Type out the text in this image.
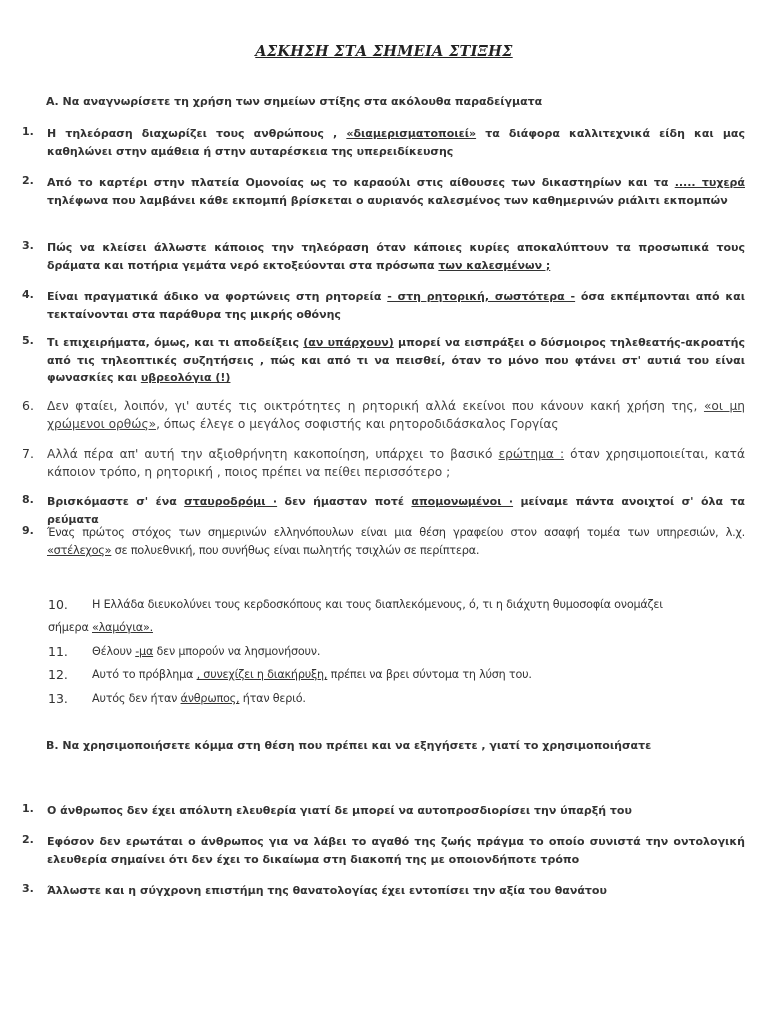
ΑΣΚΗΣΗ ΣΤΑ ΣΗΜΕΙΑ ΣΤΙΞΗΣ
Α. Να αναγνωρίσετε τη χρήση των σημείων στίξης στα ακόλουθα παραδείγματα
1. Η τηλεόραση διαχωρίζει τους ανθρώπους , «διαμερισματοποιεί» τα διάφορα καλλιτεχνικά είδη και μας καθηλώνει στην αμάθεια ή στην αυταρέσκεια της υπερειδίκευσης
2. Από το καρτέρι στην πλατεία Ομονοίας ως το καραούλι στις αίθουσες των δικαστηρίων και τα ..... τυχερά τηλέφωνα που λαμβάνει κάθε εκπομπή βρίσκεται ο αυριανός καλεσμένος των καθημερινών ριάλιτι εκπομπών
3. Πώς να κλείσει άλλωστε κάποιος την τηλεόραση όταν κάποιες κυρίες αποκαλύπτουν τα προσωπικά τους δράματα και ποτήρια γεμάτα νερό εκτοξεύονται στα πρόσωπα των καλεσμένων ;
4. Είναι πραγματικά άδικο να φορτώνεις στη ρητορεία - στη ρητορική, σωστότερα - όσα εκπέμπονται από και τεκταίνονται στα παράθυρα της μικρής οθόνης
5. Τι επιχειρήματα, όμως, και τι αποδείξεις (αν υπάρχουν) μπορεί να εισπράξει ο δύσμοιρος τηλεθεατής-ακροατής από τις τηλεοπτικές συζητήσεις , πώς και από τι να πεισθεί, όταν το μόνο που φτάνει στ' αυτιά του είναι φωνασκίες και υβρεολόγια (!)
6. Δεν φταίει, λοιπόν, γι' αυτές τις οικτρότητες η ρητορική αλλά εκείνοι που κάνουν κακή χρήση της, «οι μη χρώμενοι ορθώς», όπως έλεγε ο μεγάλος σοφιστής και ρητοροδιδάσκαλος Γοργίας
7. Αλλά πέρα απ' αυτή την αξιοθρήνητη κακοποίηση, υπάρχει το βασικό ερώτημα : όταν χρησιμοποιείται, κατά κάποιον τρόπο, η ρητορική , ποιος πρέπει να πείθει περισσότερο ;
8. Βρισκόμαστε σ' ένα σταυροδρόμι · δεν ήμασταν ποτέ απομονωμένοι · μείναμε πάντα ανοιχτοί σ' όλα τα ρεύματα
9. Ένας πρώτος στόχος των σημερινών ελληνόπουλων είναι μια θέση γραφείου στον ασαφή τομέα των υπηρεσιών, λ.χ. «στέλεχος» σε πολυεθνική, που συνήθως είναι πωλητής τσιχλών σε περίπτερα.
10. Η Ελλάδα διευκολύνει τους κερδοσκόπους και τους διαπλεκόμενους, ό, τι η διάχυτη θυμοσοφία ονομάζει
σήμερα «λαμόγια».
11. Θέλουν -μα δεν μπορούν να λησμονήσουν.
12. Αυτό το πρόβλημα , συνεχίζει η διακήρυξη, πρέπει να βρει σύντομα τη λύση του.
13. Αυτός δεν ήταν άνθρωπος, ήταν θεριό.
Β. Να χρησιμοποιήσετε κόμμα στη θέση που πρέπει και να εξηγήσετε , γιατί το χρησιμοποιήσατε
1. Ο άνθρωπος δεν έχει απόλυτη ελευθερία γιατί δε μπορεί να αυτοπροσδιορίσει την ύπαρξή του
2. Εφόσον δεν ερωτάται ο άνθρωπος για να λάβει το αγαθό της ζωής πράγμα το οποίο συνιστά την οντολογική ελευθερία σημαίνει ότι δεν έχει το δικαίωμα στη διακοπή της με οποιονδήποτε τρόπο
3. Άλλωστε και η σύγχρονη επιστήμη της θανατολογίας έχει εντοπίσει την αξία του θανάτου
